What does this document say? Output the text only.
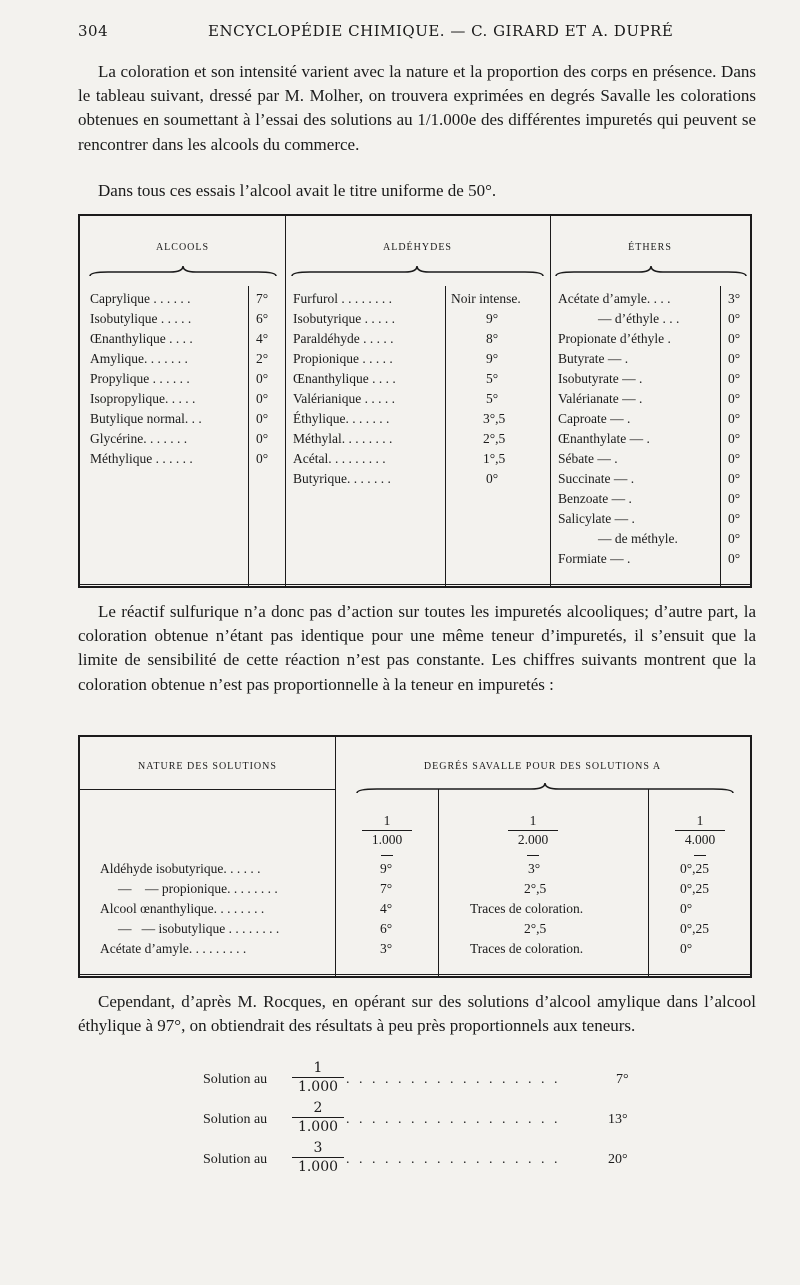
304	ENCYCLOPÉDIE CHIMIQUE. — C. GIRARD ET A. DUPRÉ

La coloration et son intensité varient avec la nature et la proportion des corps en présence. Dans le tableau suivant, dressé par M. Molher, on trouvera exprimées en degrés Savalle les colorations obtenues en soumettant à l’essai des solutions au 1/1.000e des différentes impuretés qui peuvent se rencontrer dans les alcools du commerce.

Dans tous ces essais l’alcool avait le titre uniforme de 50°.

ALCOOLS	ALDÉHYDES	ÉTHERS
Caprylique . . . . . .	7°
Isobutylique . . . . .	6°
Œnanthylique . . . .	4°
Amylique. . . . . . .	2°
Propylique . . . . . .	0°
Isopropylique. . . . .	0°
Butylique normal. . .	0°
Glycérine. . . . . . .	0°
Méthylique . . . . . .	0°
Furfurol . . . . . . . .	Noir intense.
Isobutyrique . . . . .	9°
Paraldéhyde . . . . .	8°
Propionique . . . . .	9°
Œnanthylique . . . .	5°
Valérianique . . . . .	5°
Éthylique. . . . . . .	3°,5
Méthylal. . . . . . . .	2°,5
Acétal. . . . . . . . .	1°,5
Butyrique. . . . . . .	0°
Acétate d’amyle. . . .	3°
— d’éthyle . . .	0°
Propionate d’éthyle .	0°
Butyrate — .	0°
Isobutyrate — .	0°
Valérianate — .	0°
Caproate — .	0°
Œnanthylate — .	0°
Sébate — .	0°
Succinate — .	0°
Benzoate — .	0°
Salicylate — .	0°
— de méthyle.	0°
Formiate — .	0°

Le réactif sulfurique n’a donc pas d’action sur toutes les impuretés alcooliques; d’autre part, la coloration obtenue n’étant pas identique pour une même teneur d’impuretés, il s’ensuit que la limite de sensibilité de cette réaction n’est pas constante. Les chiffres suivants montrent que la coloration obtenue n’est pas proportionnelle à la teneur en impuretés :

NATURE DES SOLUTIONS	DEGRÉS SAVALLE POUR DES SOLUTIONS A
$\frac{1}{1.000}$	$\frac{1}{2.000}$	$\frac{1}{4.000}$
Aldéhyde isobutyrique. . . . . .	9°	3°	0°,25
—    — propionique. . . . . . . .	7°	2°,5	0°,25
Alcool œnanthylique. . . . . . . .	4°	Traces de coloration.	0°
—   — isobutylique . . . . . . . .	6°	2°,5	0°,25
Acétate d’amyle. . . . . . . . .	3°	Traces de coloration.	0°

Cependant, d’après M. Rocques, en opérant sur des solutions d’alcool amylique dans l’alcool éthylique à 97°, on obtiendrait des résultats à peu près proportionnels aux teneurs.

Solution au $\frac{1}{1.000}$ . . . . . . . . . . . . . . . . .	7°
Solution au $\frac{2}{1.000}$ . . . . . . . . . . . . . . . . .	13°
Solution au $\frac{3}{1.000}$ . . . . . . . . . . . . . . . . .	20°
